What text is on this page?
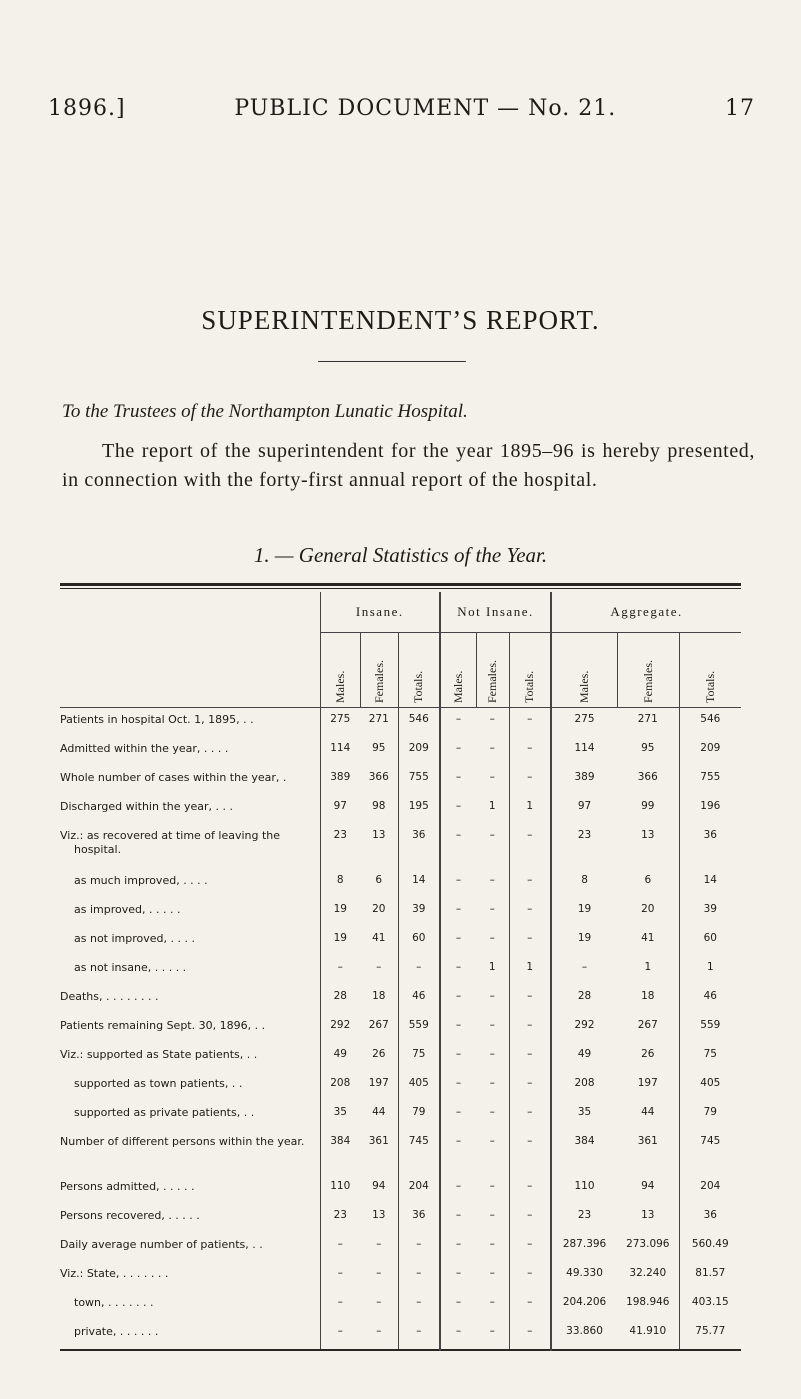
1896.]	PUBLIC DOCUMENT — No. 21.	17
SUPERINTENDENT’S REPORT.
To the Trustees of the Northampton Lunatic Hospital.

The report of the superintendent for the year 1895–96 is hereby presented, in connection with the forty-first annual report of the hospital.

1. — General Statistics of the Year.
	Insane.			Not Insane.			Aggregate.		

	Males.	Females.	Totals.	Males.	Females.	Totals.	Males.	Females.	Totals.

Patients in hospital Oct. 1, 1895, . .	275	271	546	–	–	–	275	271	546
Admitted within the year, . . . .	114	95	209	–	–	–	114	95	209
Whole number of cases within the year, .	389	366	755	–	–	–	389	366	755
Discharged within the year, . . .	97	98	195	–	1	1	97	99	196
Viz.: as recovered at time of leaving the hospital.	23	13	36	–	–	–	23	13	36
as much improved, . . . .	8	6	14	–	–	–	8	6	14
as improved, . . . . .	19	20	39	–	–	–	19	20	39
as not improved, . . . .	19	41	60	–	–	–	19	41	60
as not insane, . . . . .	–	–	–	–	1	1	–	1	1
Deaths, . . . . . . . .	28	18	46	–	–	–	28	18	46
Patients remaining Sept. 30, 1896, . .	292	267	559	–	–	–	292	267	559
Viz.: supported as State patients, . .	49	26	75	–	–	–	49	26	75
supported as town patients, . .	208	197	405	–	–	–	208	197	405
supported as private patients, . .	35	44	79	–	–	–	35	44	79
Number of different persons within the year.	384	361	745	–	–	–	384	361	745
Persons admitted, . . . . .	110	94	204	–	–	–	110	94	204
Persons recovered, . . . . .	23	13	36	–	–	–	23	13	36
Daily average number of patients, . .	–	–	–	–	–	–	287.396	273.096	560.49
Viz.: State, . . . . . . .	–	–	–	–	–	–	49.330	32.240	81.57
town, . . . . . . .	–	–	–	–	–	–	204.206	198.946	403.15
private, . . . . . .	–	–	–	–	–	–	33.860	41.910	75.77
